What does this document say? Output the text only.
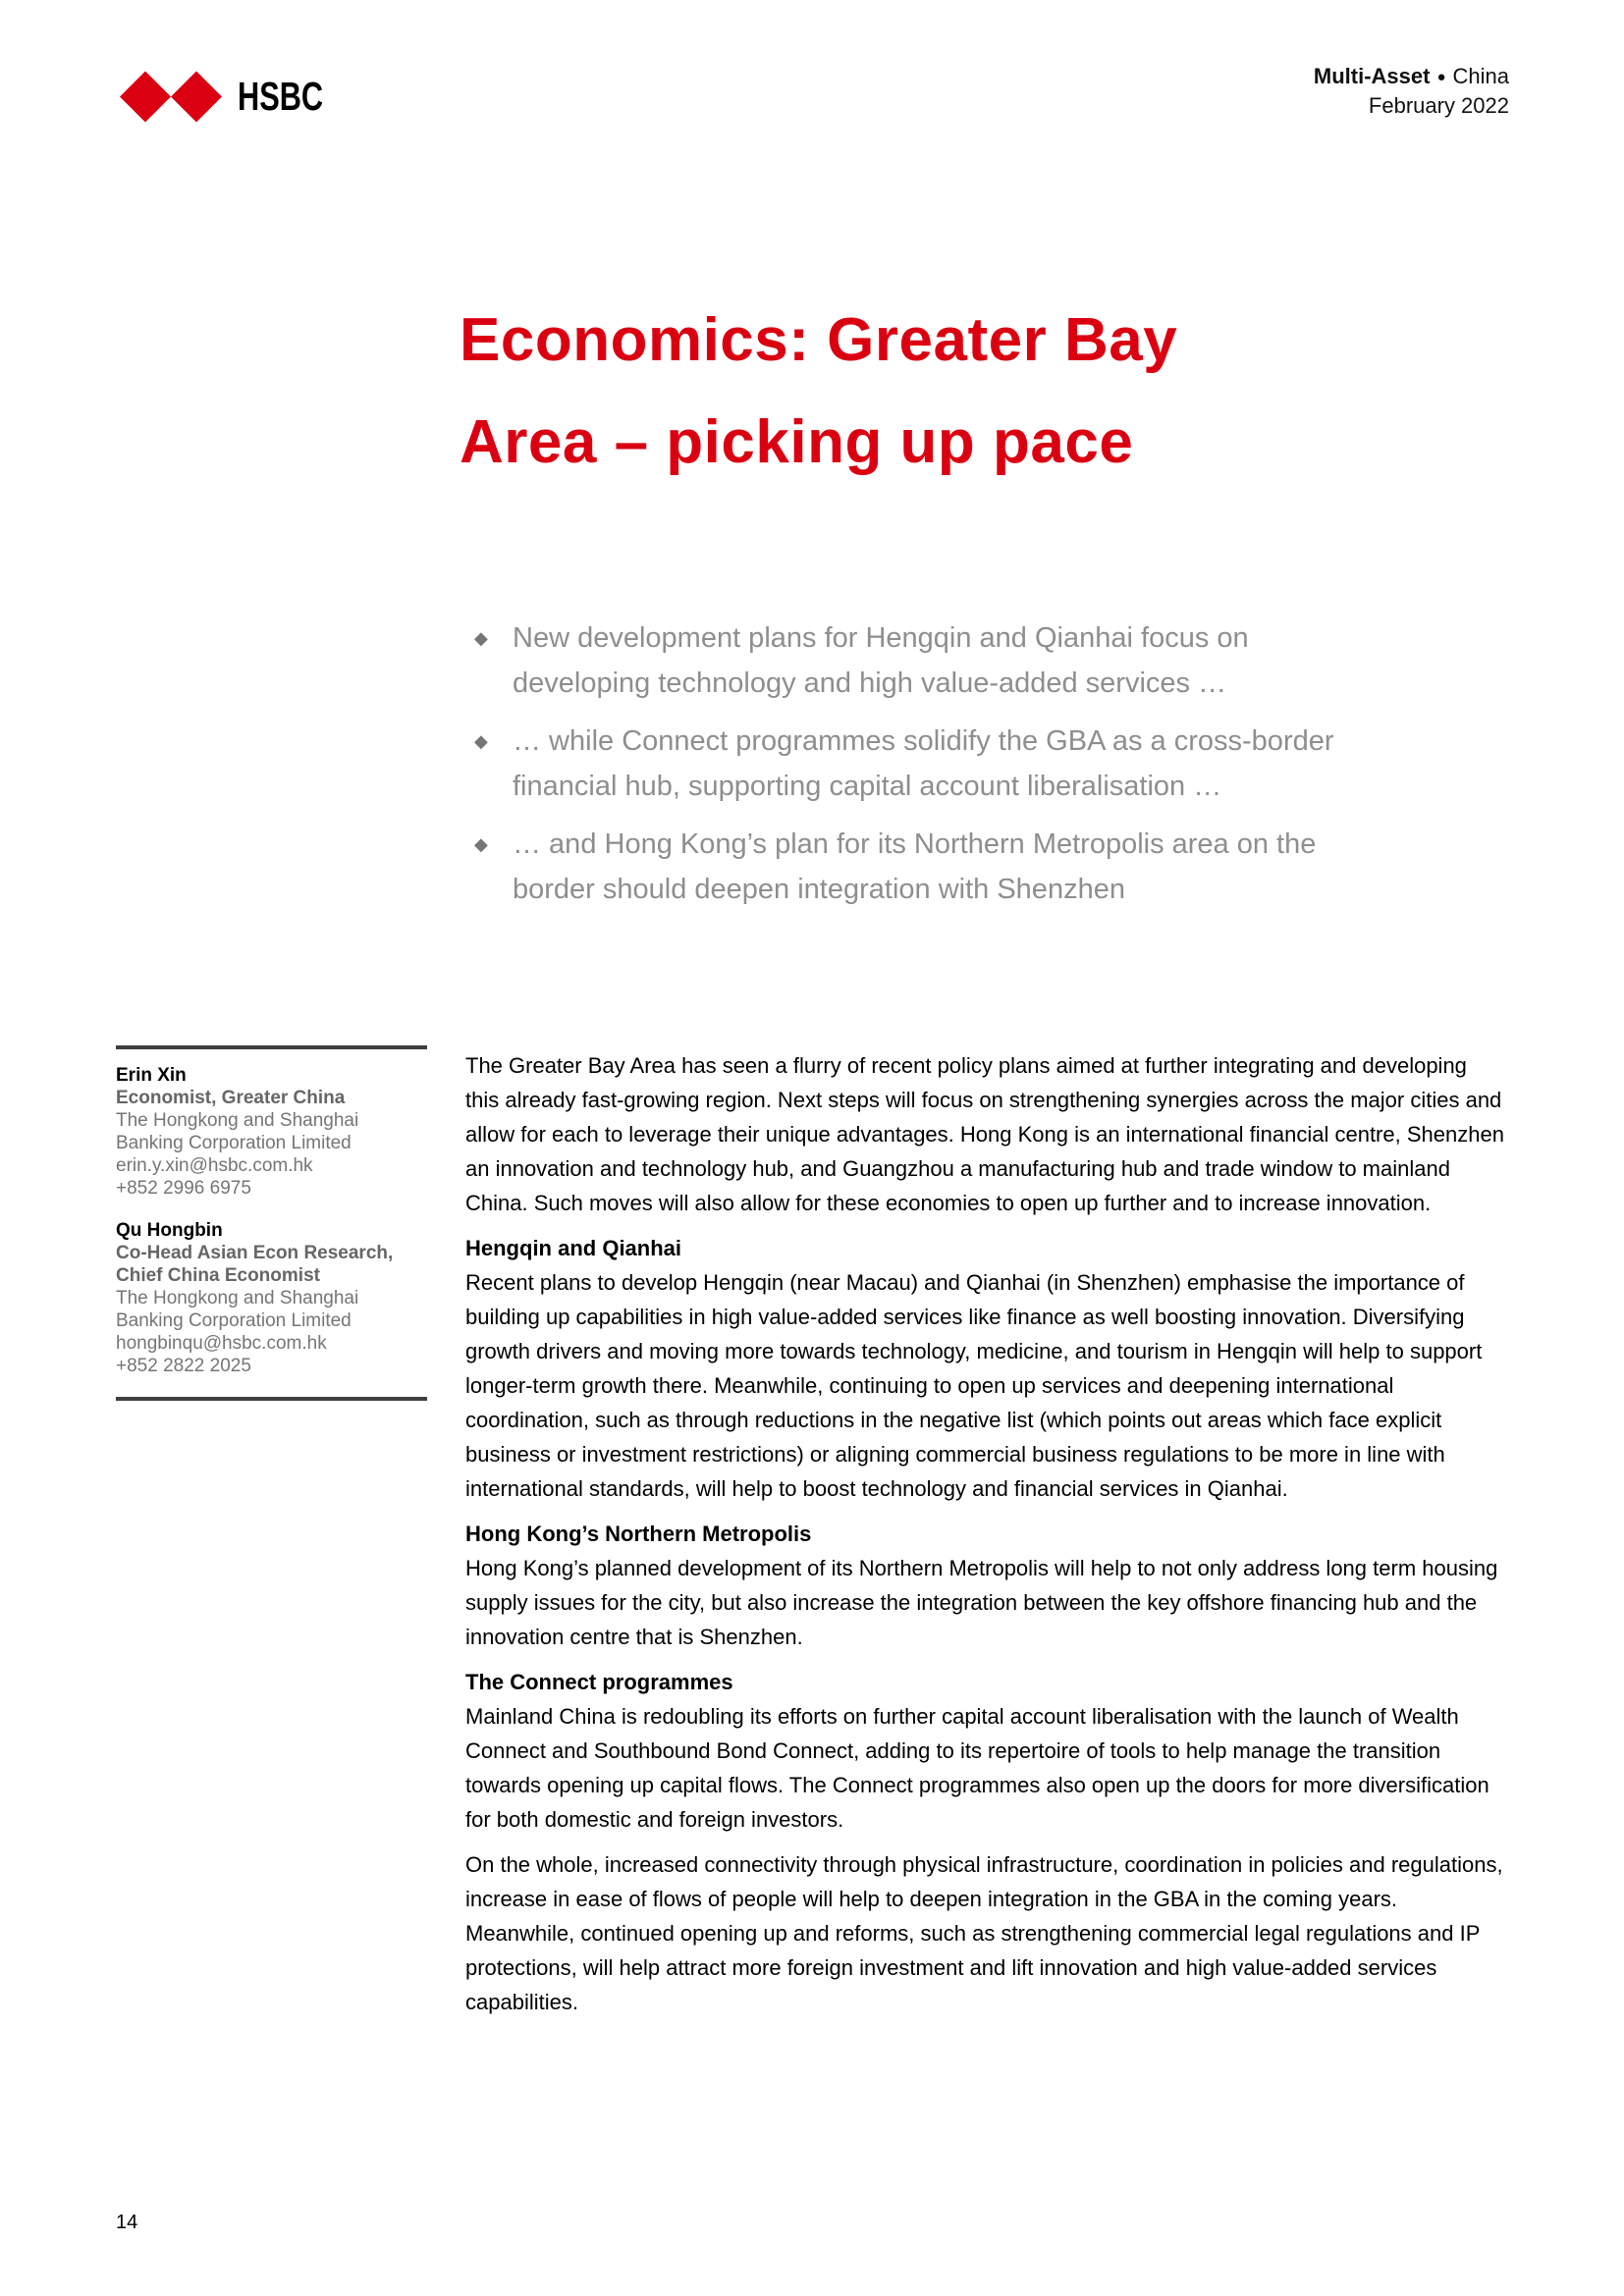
HSBC	Multi-Asset ● China
February 2022
Economics: Greater Bay
Area – picking up pace
◆ New development plans for Hengqin and Qianhai focus on developing technology and high value-added services …
◆ … while Connect programmes solidify the GBA as a cross-border financial hub, supporting capital account liberalisation …
◆ … and Hong Kong’s plan for its Northern Metropolis area on the border should deepen integration with Shenzhen
Erin Xin
Economist, Greater China
The Hongkong and Shanghai Banking Corporation Limited
erin.y.xin@hsbc.com.hk
+852 2996 6975
Qu Hongbin
Co-Head Asian Econ Research, Chief China Economist
The Hongkong and Shanghai Banking Corporation Limited
hongbinqu@hsbc.com.hk
+852 2822 2025

The Greater Bay Area has seen a flurry of recent policy plans aimed at further integrating and developing this already fast-growing region. Next steps will focus on strengthening synergies across the major cities and allow for each to leverage their unique advantages. Hong Kong is an international financial centre, Shenzhen an innovation and technology hub, and Guangzhou a manufacturing hub and trade window to mainland China. Such moves will also allow for these economies to open up further and to increase innovation.

Hengqin and Qianhai

Recent plans to develop Hengqin (near Macau) and Qianhai (in Shenzhen) emphasise the importance of building up capabilities in high value-added services like finance as well boosting innovation. Diversifying growth drivers and moving more towards technology, medicine, and tourism in Hengqin will help to support longer-term growth there. Meanwhile, continuing to open up services and deepening international coordination, such as through reductions in the negative list (which points out areas which face explicit business or investment restrictions) or aligning commercial business regulations to be more in line with international standards, will help to boost technology and financial services in Qianhai.

Hong Kong’s Northern Metropolis

Hong Kong’s planned development of its Northern Metropolis will help to not only address long term housing supply issues for the city, but also increase the integration between the key offshore financing hub and the innovation centre that is Shenzhen.

The Connect programmes

Mainland China is redoubling its efforts on further capital account liberalisation with the launch of Wealth Connect and Southbound Bond Connect, adding to its repertoire of tools to help manage the transition towards opening up capital flows. The Connect programmes also open up the doors for more diversification for both domestic and foreign investors.

On the whole, increased connectivity through physical infrastructure, coordination in policies and regulations, increase in ease of flows of people will help to deepen integration in the GBA in the coming years. Meanwhile, continued opening up and reforms, such as strengthening commercial legal regulations and IP protections, will help attract more foreign investment and lift innovation and high value-added services capabilities.

14
